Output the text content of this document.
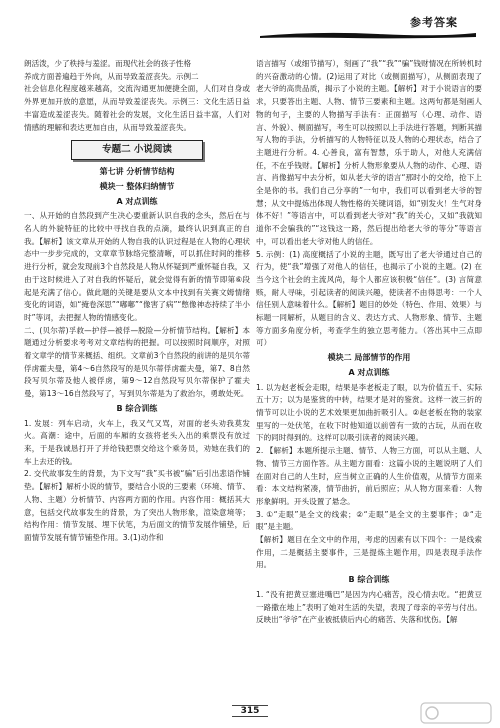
参考答案

朗活泼，少了秩持与羞涩。而现代社会的孩子性格

养成方面普遍趋于外向，从而导致羞涩丧失。示例二

社会信息化程度越来越高，交流沟通更加便捷全面，人们对自身或外界更加开放的意愿，从而导致羞涩丧失。示例三：文化生活日益丰富造成羞涩丧失。随着社会的发展，文化生活日益丰富，人们对情感的理解和表达更加自由，从而导致羞涩丧失。

专题二 小说阅读
第七讲 分析情节结构
模块一 整体归纳情节
A 对点训练

一、从开始的自然段到产生决心要重新认识自我的念头，然后在与名人的外貌特征的比较中寻找自我的点滴，最终认识到真正的自我。【解析】该文章从开始的人物自我的认识过程是在人物的心理状态中一步步完成的，文章章节脉络完整清晰，可以抓住时间的推移进行分析，就会发现前3个自然段是人物从怀疑到严重怀疑自我，又由于这时候进入了对自我的怀疑后，就会觉得有新的情节即第⑥段起是充满了信心。做此题的关键是要从文本中找到有关赛文姆情绪变化的词语，如“掩卷深思”“嘟嘟”“像害了病”“憋像神态持续了半小时”等词，去把握人物的情感变化。

二、(贝尔蒂)孚救—护俘—被俘—脱险—分析情节结构。【解析】本题通过分析要求考考对文章结构的把握。可以按照时间顺序，对照着文章学的情节来概括、组织。文章前3个自然段的前讲的是贝尔蒂俘虏霍夫曼，第4～6自然段写的是贝尔蒂俘虏霍夫曼，第7、8自然段写贝尔蒂及他人被俘虏，第9～12自然段写贝尔蒂保护了霍夫曼，第13～16自然段写了，写到贝尔蒂是为了救治尔，勇敢处死。

B 综合训练

1. 发展：列车启动，火车上，我又气又骂，对面的老头劝我莫发火。高潮：途中，后面的车厢的女孩将老头入出的乘票没有放过来，于是我诚恳打开了并给钱把票交给这个乘务员，劝她在我们的车上去还的钱。

2. 交代故事发生的背景，为下文写“我”买书被“骗”后引出悲语作铺垫。【解析】解析小说的情节，要结合小说的三要素（环境、情节、人物、主题）分析情节、内容两方面的作用。内容作用：概括其大意，包括交代故事发生的背景，为了突出人物形象，渲染意境等；结构作用：情节发展、埋下伏笔，为后面文的情节发展作铺垫，后面情节发展有情节铺垫作用。3.(1)动作和

语言描写（或细节描写），刻画了“我”“我”“骗”钱财情况在所转机时的兴奋激动的心情。(2)运用了对比（或侧面描写），从侧面表现了老大爷的高贵品质，揭示了小说的主题。【解析】对于小说语言的要求，只要答出主题、人物、情节三要素和主题。这两句都是刻画人物的句子，主要的人物描写手法有：正面描写（心理、动作、语言、外貌）、侧面描写，考生可以按照以上手法进行答题，判断其描写人物的手法，分析描写的人物特征以及人物的心理状态，结合了主题进行分析。4. 心善良，富有智慧，乐于助人，对他人充满信任，不在乎钱财。【解析】分析人物形象要从人物的动作、心理、语言、肖像描写中去分析，如从老大爷的语言“那时小的交给，抢下上全是你的书。我们自己分享的”一句中，我们可以看到老大爷的智慧；从文中提炼出体现人物性格的关键词语，如“别发火！生气对身体不好！”等语言中，可以看到老大爷对“我”的关心，又如“我就知道你不会骗我的”“这钱这一路，然后提出给老大爷的等分”等语言中，可以看出老大爷对他人的信任。

5. 示例：(1) 高度概括了小说的主题，既写出了老大爷通过自己的行为，使“我”增强了对他人的信任，也揭示了小说的主题。(2) 在当今这个社会的主流风尚，每个人都应该积极“信任”。(3) 言简意赅，耐人寻味，引起读者的阅读兴趣，使读者不由得思考：一个人信任别人意味着什么。【解析】题目的妙处（特色、作用、效果）与标题一同解析，从题目的含义、表达方式、人物形象、情节、主题等方面多角度分析，考查学生的独立思考能力。（答出其中三点即可）

模块二 局部情节的作用
A 对点训练

1. 以为赵老板会走眼，结果是李老板走了眼，以为价值五千、实际五十万；以为是鉴赏的中转，结果才是对的鉴赏。这样一波三折的情节可以让小说的艺术效果更加曲折吸引人。②赵老板在物的装家里写的一处伏笔，在收下时他知道以前曾有一致的古玩，从而在收下的同时得到的。这样可以吸引读者的阅读兴趣。

2. 【解析】本题所提示主题、情节、人物三方面，可以从主题、人物、情节三方面作答。从主题方面看：这篇小说的主题说明了人们在面对自己的人生时，应当树立正确的人生价值观，从情节方面来看：本文结构紧凑，情节曲折，前后照应；从人物方面来看：人物形象鲜明。开头设置了悬念。

3. ①“走眼”是全文的线索；②“走眼”是全文的主要事件；③“走眼”是主题。

【解析】题目在全文中的作用，考虑的因素有以下四个：一是线索作用，二是概括主要事件，三是提炼主题作用，四是表现手法作用。

B 综合训练

1. “没有把黄豆塞进嘴巴”是因为内心痛苦，没心情去吃。“把黄豆一路撒在地上”表明了她对生活的失望，表现了母亲的辛劳与付出。反映出“爷爷”在产业被抵债后内心的痛苦、失落和忧伤。【解

315
